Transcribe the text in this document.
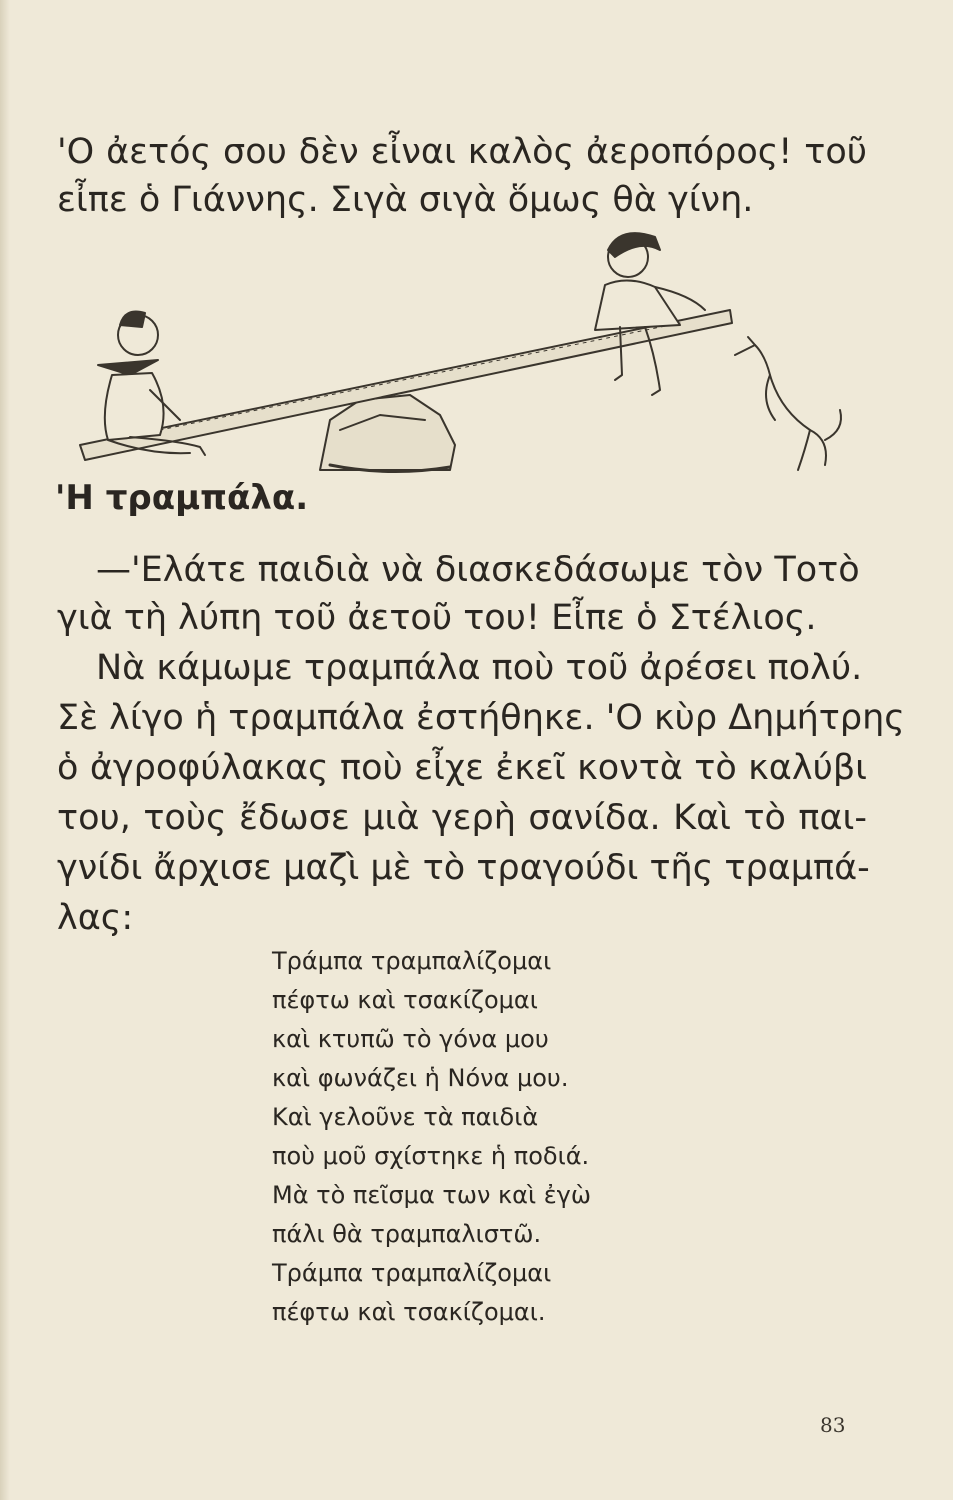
'Ο ἀετός σου δὲν εἶναι καλὸς ἀεροπόρος! τοῦ
εἶπε ὁ Γιάννης. Σιγὰ σιγὰ ὅμως θὰ γίνη.
'Η τραμπάλα.
—'Ελάτε παιδιὰ νὰ διασκεδάσωμε τὸν Τοτὸ
γιὰ τὴ λύπη τοῦ ἀετοῦ του! Εἶπε ὁ Στέλιος.
Νὰ κάμωμε τραμπάλα ποὺ τοῦ ἀρέσει πολύ.
Σὲ λίγο ἡ τραμπάλα ἐστήθηκε. 'Ο κὺρ Δημήτρης
ὁ ἀγροφύλακας ποὺ εἶχε ἐκεῖ κοντὰ τὸ καλύβι
του, τοὺς ἔδωσε μιὰ γερὴ σανίδα. Καὶ τὸ παι-
γνίδι ἄρχισε μαζὶ μὲ τὸ τραγούδι τῆς τραμπά-
λας:
Τράμπα τραμπαλίζομαι
πέφτω καὶ τσακίζομαι
καὶ κτυπῶ τὸ γόνα μου
καὶ φωνάζει ἡ Νόνα μου.
Καὶ γελοῦνε τὰ παιδιὰ
ποὺ μοῦ σχίστηκε ἡ ποδιά.
Μὰ τὸ πεῖσμα των καὶ ἐγὼ
πάλι θὰ τραμπαλιστῶ.
Τράμπα τραμπαλίζομαι
πέφτω καὶ τσακίζομαι.
83
